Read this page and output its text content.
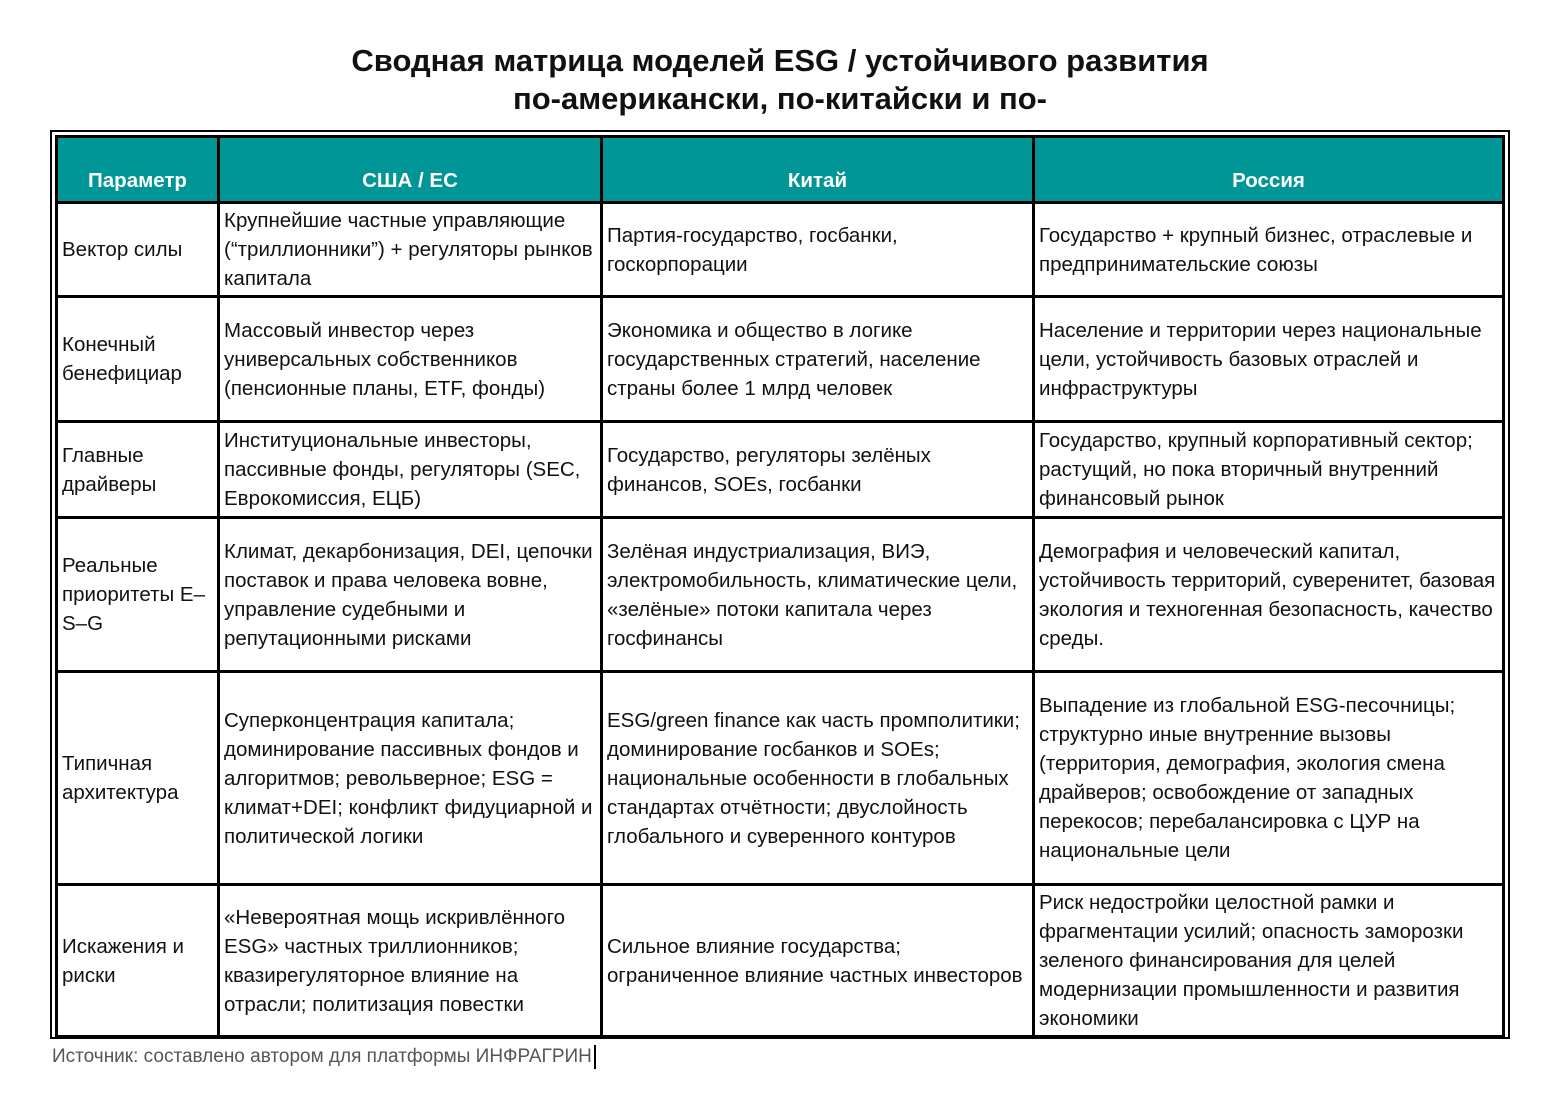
Сводная матрица моделей ESG / устойчивого развития
по-американски, по-китайски и по-
Параметр	США / ЕС	Китай	Россия
Вектор силы	Крупнейшие частные управляющие (“триллионники”) + регуляторы рынков капитала	Партия-государство, госбанки, госкорпорации	Государство + крупный бизнес, отраслевые и предпринимательские союзы
Конечный бенефициар	Массовый инвестор через универсальных собственников (пенсионные планы, ETF, фонды)	Экономика и общество в логике государственных стратегий, население страны более 1 млрд человек	Население и территории через национальные цели, устойчивость базовых отраслей и инфраструктуры
Главные драйверы	Институциональные инвесторы, пассивные фонды, регуляторы (SEC, Еврокомиссия, ЕЦБ)	Государство, регуляторы зелёных финансов, SOEs, госбанки	Государство, крупный корпоративный сектор; растущий, но пока вторичный внутренний финансовый рынок
Реальные приоритеты E–S–G	Климат, декарбонизация, DEI, цепочки поставок и права человека вовне, управление судебными и репутационными рисками	Зелёная индустриализация, ВИЭ, электромобильность, климатические цели, «зелёные» потоки капитала через госфинансы	Демография и человеческий капитал, устойчивость территорий, суверенитет, базовая экология и техногенная безопасность, качество среды.
Типичная архитектура	Суперконцентрация капитала; доминирование пассивных фондов и алгоритмов; револьверное; ESG = климат+DEI; конфликт фидуциарной и политической логики	ESG/green finance как часть промполитики; доминирование госбанков и SOEs; национальные особенности в глобальных стандартах отчётности; двуслойность глобального и суверенного контуров	Выпадение из глобальной ESG-песочницы; структурно иные внутренние вызовы (территория, демография, экология смена драйверов; освобождение от западных перекосов; перебалансировка с ЦУР на национальные цели
Искажения и риски	«Невероятная мощь искривлённого ESG» частных триллионников; квазирегуляторное влияние на отрасли; политизация повестки	Сильное влияние государства; ограниченное влияние частных инвесторов	Риск недостройки целостной рамки и фрагментации усилий; опасность заморозки зеленого финансирования для целей модернизации промышленности и развития экономики
Источник: составлено автором для платформы ИНФРАГРИН
